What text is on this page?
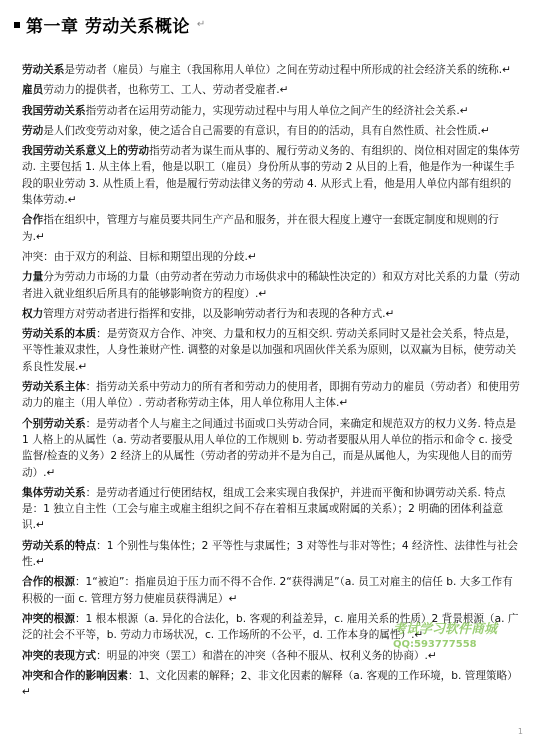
第一章 劳动关系概论 ↵

劳动关系是劳动者（雇员）与雇主（我国称用人单位）之间在劳动过程中所形成的社会经济关系的统称.↵

雇员劳动力的提供者，也称劳工、工人、劳动者受雇者.↵

我国劳动关系指劳动者在运用劳动能力，实现劳动过程中与用人单位之间产生的经济社会关系.↵

劳动是人们改变劳动对象，使之适合自己需要的有意识，有目的的活动，具有自然性质、社会性质.↵

我国劳动关系意义上的劳动指劳动者为谋生而从事的、履行劳动义务的、有组织的、岗位相对固定的集体劳动. 主要包括 1. 从主体上看，他是以职工（雇员）身份所从事的劳动 2 从目的上看，他是作为一种谋生手段的职业劳动 3. 从性质上看，他是履行劳动法律义务的劳动 4. 从形式上看，他是用人单位内部有组织的集体劳动.↵

合作指在组织中，管理方与雇员要共同生产产品和服务，并在很大程度上遵守一套既定制度和规则的行为.↵

冲突：由于双方的利益、目标和期望出现的分歧.↵

力量分为劳动力市场的力量（由劳动者在劳动力市场供求中的稀缺性决定的）和双方对比关系的力量（劳动者进入就业组织后所具有的能够影响资方的程度）.↵

权力管理方对劳动者进行指挥和安排，以及影响劳动者行为和表现的各种方式.↵

劳动关系的本质：是劳资双方合作、冲突、力量和权力的互相交织. 劳动关系同时又是社会关系，特点是，平等性兼双隶性，人身性兼财产性. 调整的对象是以加强和巩固伙伴关系为原则，以双赢为目标，使劳动关系良性发展.↵

劳动关系主体：指劳动关系中劳动力的所有者和劳动力的使用者，即拥有劳动力的雇员（劳动者）和使用劳动力的雇主（用人单位）. 劳动者称劳动主体，用人单位称用人主体.↵

个别劳动关系：是劳动者个人与雇主之间通过书面或口头劳动合同，来确定和规范双方的权力义务. 特点是 1 人格上的从属性（a. 劳动者要服从用人单位的工作规则 b. 劳动者要服从用人单位的指示和命令 c. 接受监督/检查的义务）2 经济上的从属性（劳动者的劳动并不是为自己，而是从属他人，为实现他人目的而劳动）.↵

集体劳动关系：是劳动者通过行使团结权，组成工会来实现自我保护，并进而平衡和协调劳动关系. 特点是：1 独立自主性（工会与雇主或雇主组织之间不存在着相互隶属或附属的关系）；2 明确的团体利益意识.↵

劳动关系的特点：1 个别性与集体性；2 平等性与隶属性；3 对等性与非对等性；4 经济性、法律性与社会性.↵

合作的根源：1“被迫”：指雇员迫于压力而不得不合作. 2“获得满足”（a. 员工对雇主的信任 b. 大多工作有积极的一面 c. 管理方努力使雇员获得满足）↵

冲突的根源：1 根本根源（a. 异化的合法化，b. 客观的利益差异，c. 雇用关系的性质）2 背景根源（a. 广泛的社会不平等，b. 劳动力市场状况，c. 工作场所的不公平，d. 工作本身的属性）.↵

冲突的表现方式：明显的冲突（罢工）和潜在的冲突（各种不服从、权利义务的协商）.↵

冲突和合作的影响因素：1、文化因素的解释；2、非文化因素的解释（a. 客观的工作环境，b. 管理策略）↵

考试学习软件商城
QQ:593777558
1
